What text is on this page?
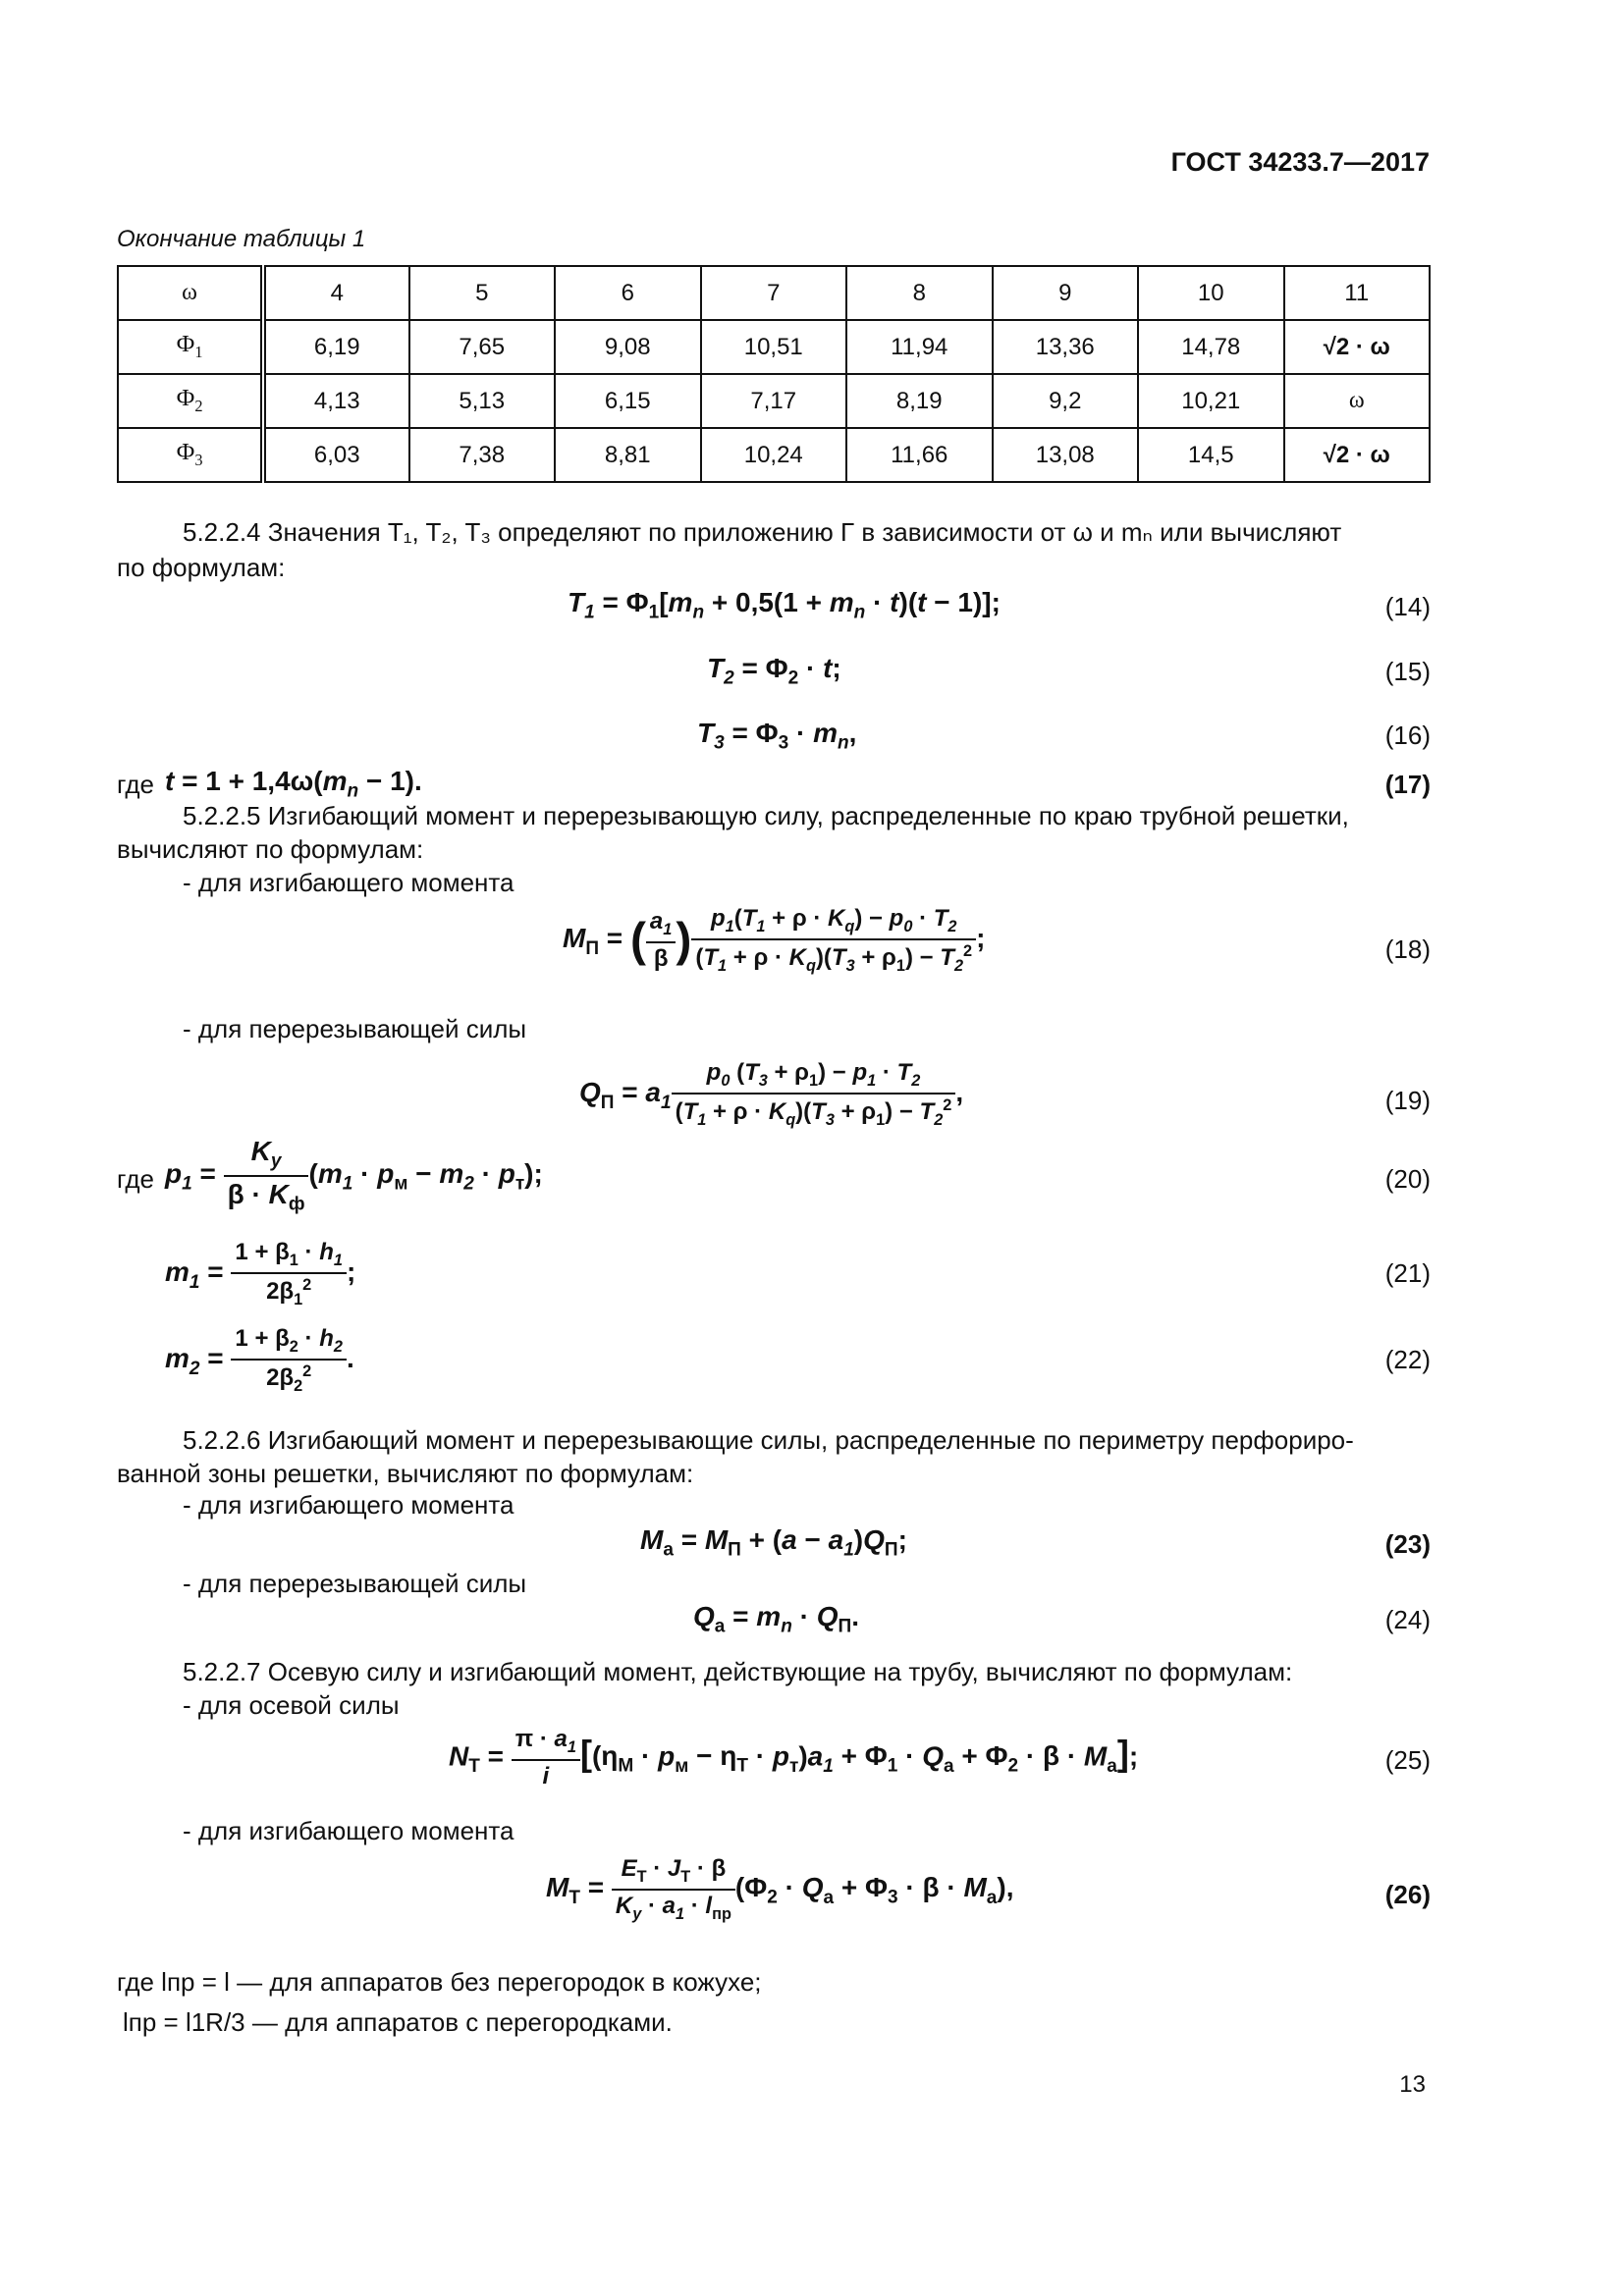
ГОСТ 34233.7—2017
Окончание таблицы 1
ω	4	5	6	7	8	9	10	11
$Ф_1$	6,19	7,65	9,08	10,51	11,94	13,36	14,78	√2 · ω
$Ф_2$	4,13	5,13	6,15	7,17	8,19	9,2	10,21	ω
$Ф_3$	6,03	7,38	8,81	10,24	11,66	13,08	14,5	√2 · ω
5.2.2.4 Значения T₁, T₂, T₃ определяют по приложению Г в зависимости от ω и mₙ или вычисляют
по формулам:
$T_1 = \Phi_1[m_n + 0,5(1 + m_n \cdot t)(t - 1)]$;	(14)
$T_2 = \Phi_2 \cdot t$;	(15)
$T_3 = \Phi_3 \cdot m_n$,	(16)
где $t = 1 + 1,4\omega(m_n - 1)$.	(17)
5.2.2.5 Изгибающий момент и перерезывающую силу, распределенные по краю трубной решетки,
вычисляют по формулам:
- для изгибающего момента
$M_П$ = ( $\frac{a_1}{\beta}$ ) $\frac{p_1(T_1 + \rho \cdot K_q) - p_0 \cdot T_2}{(T_1 + \rho \cdot K_q)(T_3 + \rho_1) - T_2^2}$ ;	(18)
- для перерезывающей силы
$Q_П = a_1 \frac{p_0 (T_3 + \rho_1) - p_1 \cdot T_2}{(T_1 + \rho \cdot K_q)(T_3 + \rho_1) - T_2^2}$ ,	(19)
где $p_1 = \frac{K_y}{\beta \cdot K_ф} (m_1 \cdot p_м - m_2 \cdot p_т)$;	(20)
$m_1 = \frac{1 + \beta_1 \cdot h_1}{2\beta_1^2}$ ;	(21)
$m_2 = \frac{1 + \beta_2 \cdot h_2}{2\beta_2^2}$ .	(22)
5.2.2.6 Изгибающий момент и перерезывающие силы, распределенные по периметру перфориро-
ванной зоны решетки, вычисляют по формулам:
- для изгибающего момента
$M_a = M_П + (a - a_1)Q_П$;	(23)
- для перерезывающей силы
$Q_a = m_n \cdot Q_П$.	(24)
5.2.2.7 Осевую силу и изгибающий момент, действующие на трубу, вычисляют по формулам:
- для осевой силы
$N_T = \frac{\pi \cdot a_1}{i} [(\eta_M \cdot p_м - \eta_T \cdot p_т)a_1 + \Phi_1 \cdot Q_a + \Phi_2 \cdot \beta \cdot M_a]$;	(25)
- для изгибающего момента
$M_T = \frac{E_T \cdot J_T \cdot \beta}{K_y \cdot a_1 \cdot l_{пр}} (\Phi_2 \cdot Q_a + \Phi_3 \cdot \beta \cdot M_a)$,	(26)
где lпр = l — для аппаратов без перегородок в кожухе;
lпр = l1R/3 — для аппаратов с перегородками.
13
